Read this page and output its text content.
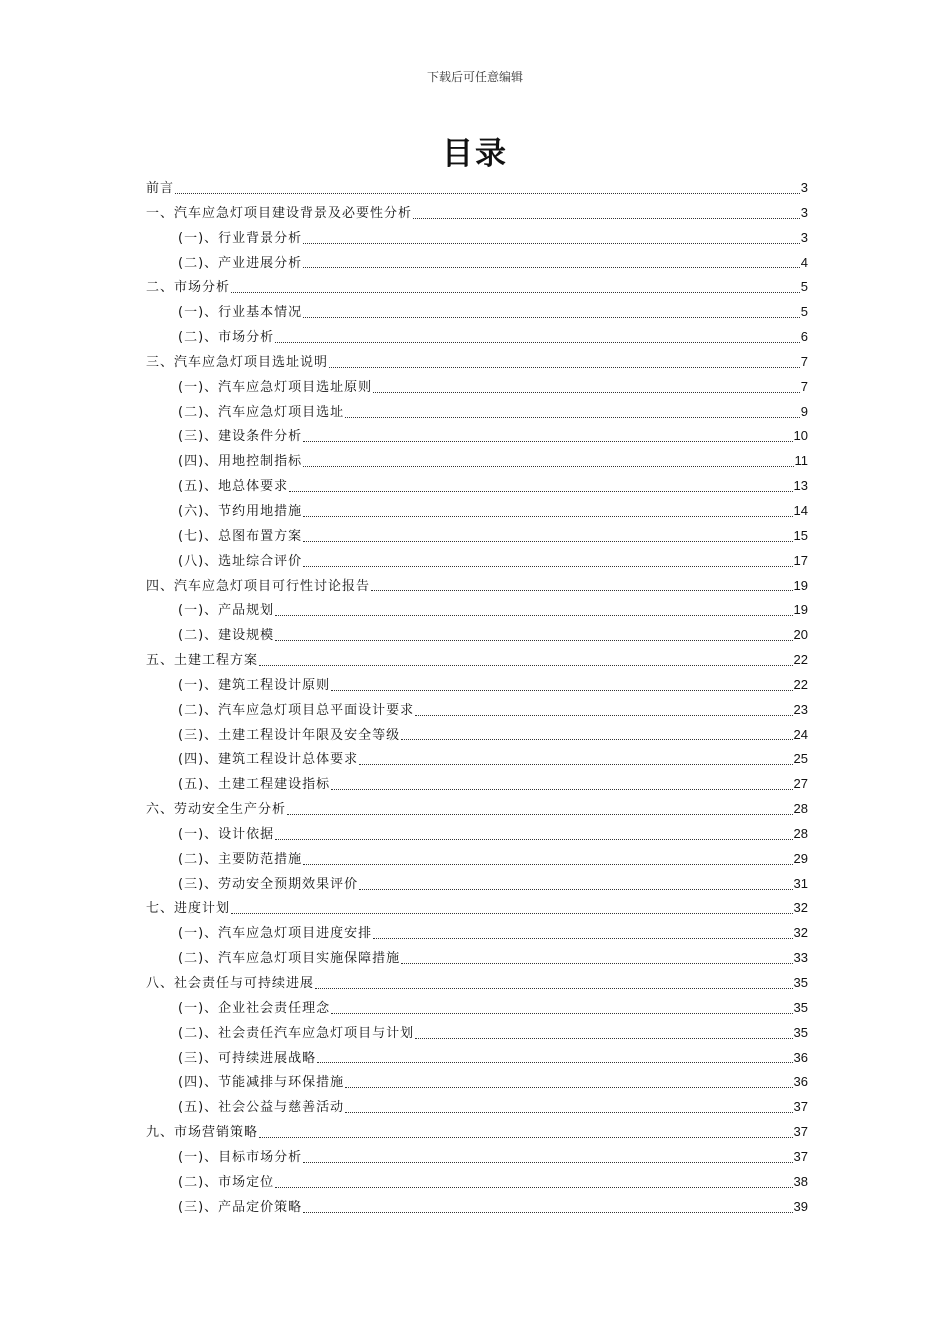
下载后可任意编辑
目录
前言	3
一、汽车应急灯项目建设背景及必要性分析	3
(一)、行业背景分析	3
(二)、产业进展分析	4
二、市场分析	5
(一)、行业基本情况	5
(二)、市场分析	6
三、汽车应急灯项目选址说明	7
(一)、汽车应急灯项目选址原则	7
(二)、汽车应急灯项目选址	9
(三)、建设条件分析	10
(四)、用地控制指标	11
(五)、地总体要求	13
(六)、节约用地措施	14
(七)、总图布置方案	15
(八)、选址综合评价	17
四、汽车应急灯项目可行性讨论报告	19
(一)、产品规划	19
(二)、建设规模	20
五、土建工程方案	22
(一)、建筑工程设计原则	22
(二)、汽车应急灯项目总平面设计要求	23
(三)、土建工程设计年限及安全等级	24
(四)、建筑工程设计总体要求	25
(五)、土建工程建设指标	27
六、劳动安全生产分析	28
(一)、设计依据	28
(二)、主要防范措施	29
(三)、劳动安全预期效果评价	31
七、进度计划	32
(一)、汽车应急灯项目进度安排	32
(二)、汽车应急灯项目实施保障措施	33
八、社会责任与可持续进展	35
(一)、企业社会责任理念	35
(二)、社会责任汽车应急灯项目与计划	35
(三)、可持续进展战略	36
(四)、节能减排与环保措施	36
(五)、社会公益与慈善活动	37
九、市场营销策略	37
(一)、目标市场分析	37
(二)、市场定位	38
(三)、产品定价策略	39
